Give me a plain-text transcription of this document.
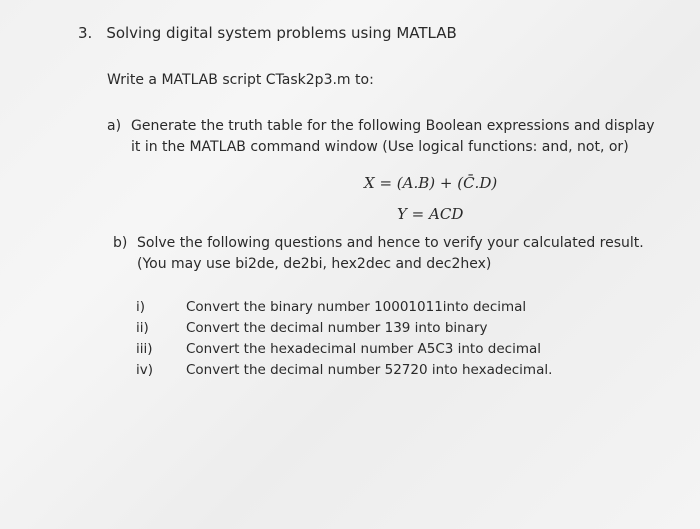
3. Solving digital system problems using MATLAB
Write a MATLAB script CTask2p3.m to:
a) Generate the truth table for the following Boolean expressions and display it in the MATLAB command window (Use logical functions: and, not, or)
X = (A.B) + (C̄.D)
Y = ACD
b) Solve the following questions and hence to verify your calculated result. (You may use bi2de, de2bi, hex2dec and dec2hex)
i)	Convert the binary number 10001011into decimal
ii)	Convert the decimal number 139 into binary
iii)	Convert the hexadecimal number A5C3 into decimal
iv)	Convert the decimal number 52720 into hexadecimal.
